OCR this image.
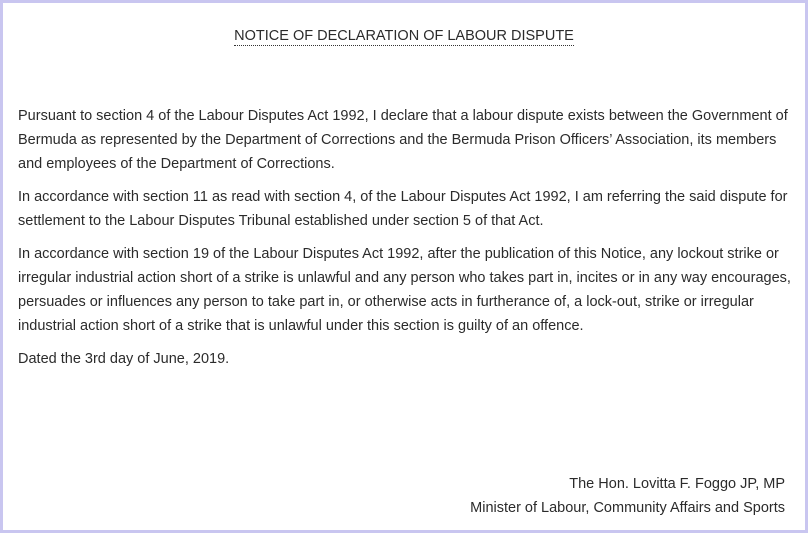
NOTICE OF DECLARATION OF LABOUR DISPUTE

Pursuant to section 4 of the Labour Disputes Act 1992, I declare that a labour dispute exists between the Government of Bermuda as represented by the Department of Corrections and the Bermuda Prison Officers’ Association, its members and employees of the Department of Corrections.

In accordance with section 11 as read with section 4, of the Labour Disputes Act 1992, I am referring the said dispute for settlement to the Labour Disputes Tribunal established under section 5 of that Act.

In accordance with section 19 of the Labour Disputes Act 1992, after the publication of this Notice, any lockout strike or irregular industrial action short of a strike is unlawful and any person who takes part in, incites or in any way encourages, persuades or influences any person to take part in, or otherwise acts in furtherance of, a lock-out, strike or irregular industrial action short of a strike that is unlawful under this section is guilty of an offence.

Dated the 3rd day of June, 2019.

The Hon. Lovitta F. Foggo JP, MP
Minister of Labour, Community Affairs and Sports
